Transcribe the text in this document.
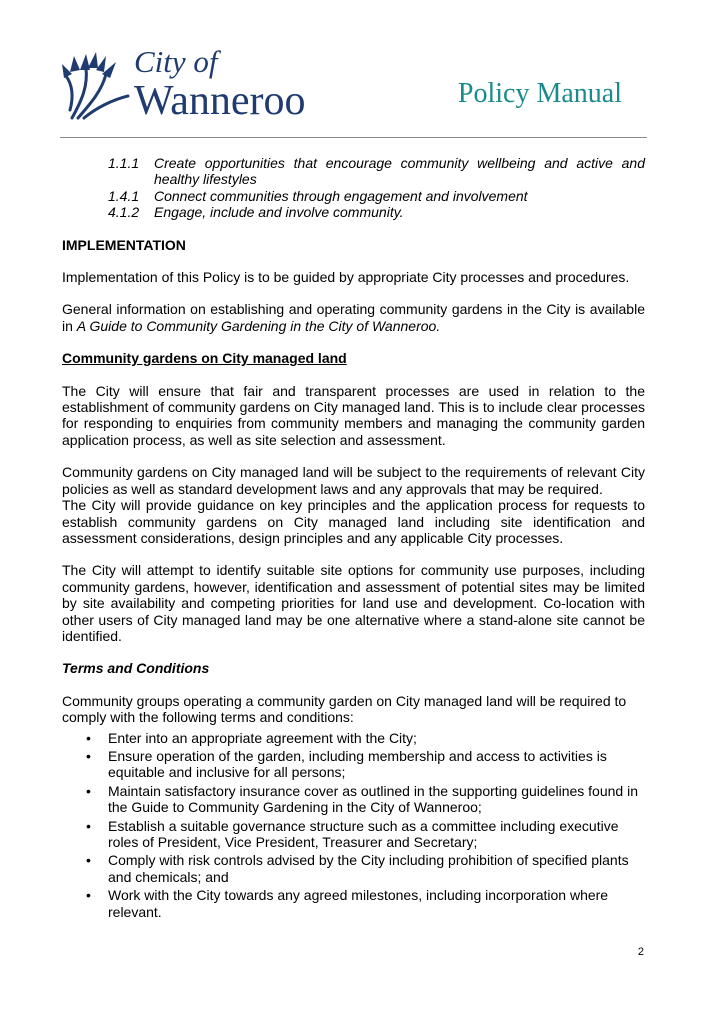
City of
Wanneroo	Policy Manual
1.1.1	Create opportunities that encourage community wellbeing and active and healthy lifestyles
1.4.1	Connect communities through engagement and involvement
4.1.2	Engage, include and involve community.
IMPLEMENTATION

Implementation of this Policy is to be guided by appropriate City processes and procedures.

General information on establishing and operating community gardens in the City is available in A Guide to Community Gardening in the City of Wanneroo.

Community gardens on City managed land

The City will ensure that fair and transparent processes are used in relation to the establishment of community gardens on City managed land. This is to include clear processes for responding to enquiries from community members and managing the community garden application process, as well as site selection and assessment.

Community gardens on City managed land will be subject to the requirements of relevant City policies as well as standard development laws and any approvals that may be required.

The City will provide guidance on key principles and the application process for requests to establish community gardens on City managed land including site identification and assessment considerations, design principles and any applicable City processes.

The City will attempt to identify suitable site options for community use purposes, including community gardens, however, identification and assessment of potential sites may be limited by site availability and competing priorities for land use and development. Co-location with other users of City managed land may be one alternative where a stand-alone site cannot be identified.

Terms and Conditions

Community groups operating a community garden on City managed land will be required to comply with the following terms and conditions:

•	Enter into an appropriate agreement with the City;
•	Ensure operation of the garden, including membership and access to activities is equitable and inclusive for all persons;
•	Maintain satisfactory insurance cover as outlined in the supporting guidelines found in the Guide to Community Gardening in the City of Wanneroo;
•	Establish a suitable governance structure such as a committee including executive roles of President, Vice President, Treasurer and Secretary;
•	Comply with risk controls advised by the City including prohibition of specified plants and chemicals; and
•	Work with the City towards any agreed milestones, including incorporation where relevant.
2
